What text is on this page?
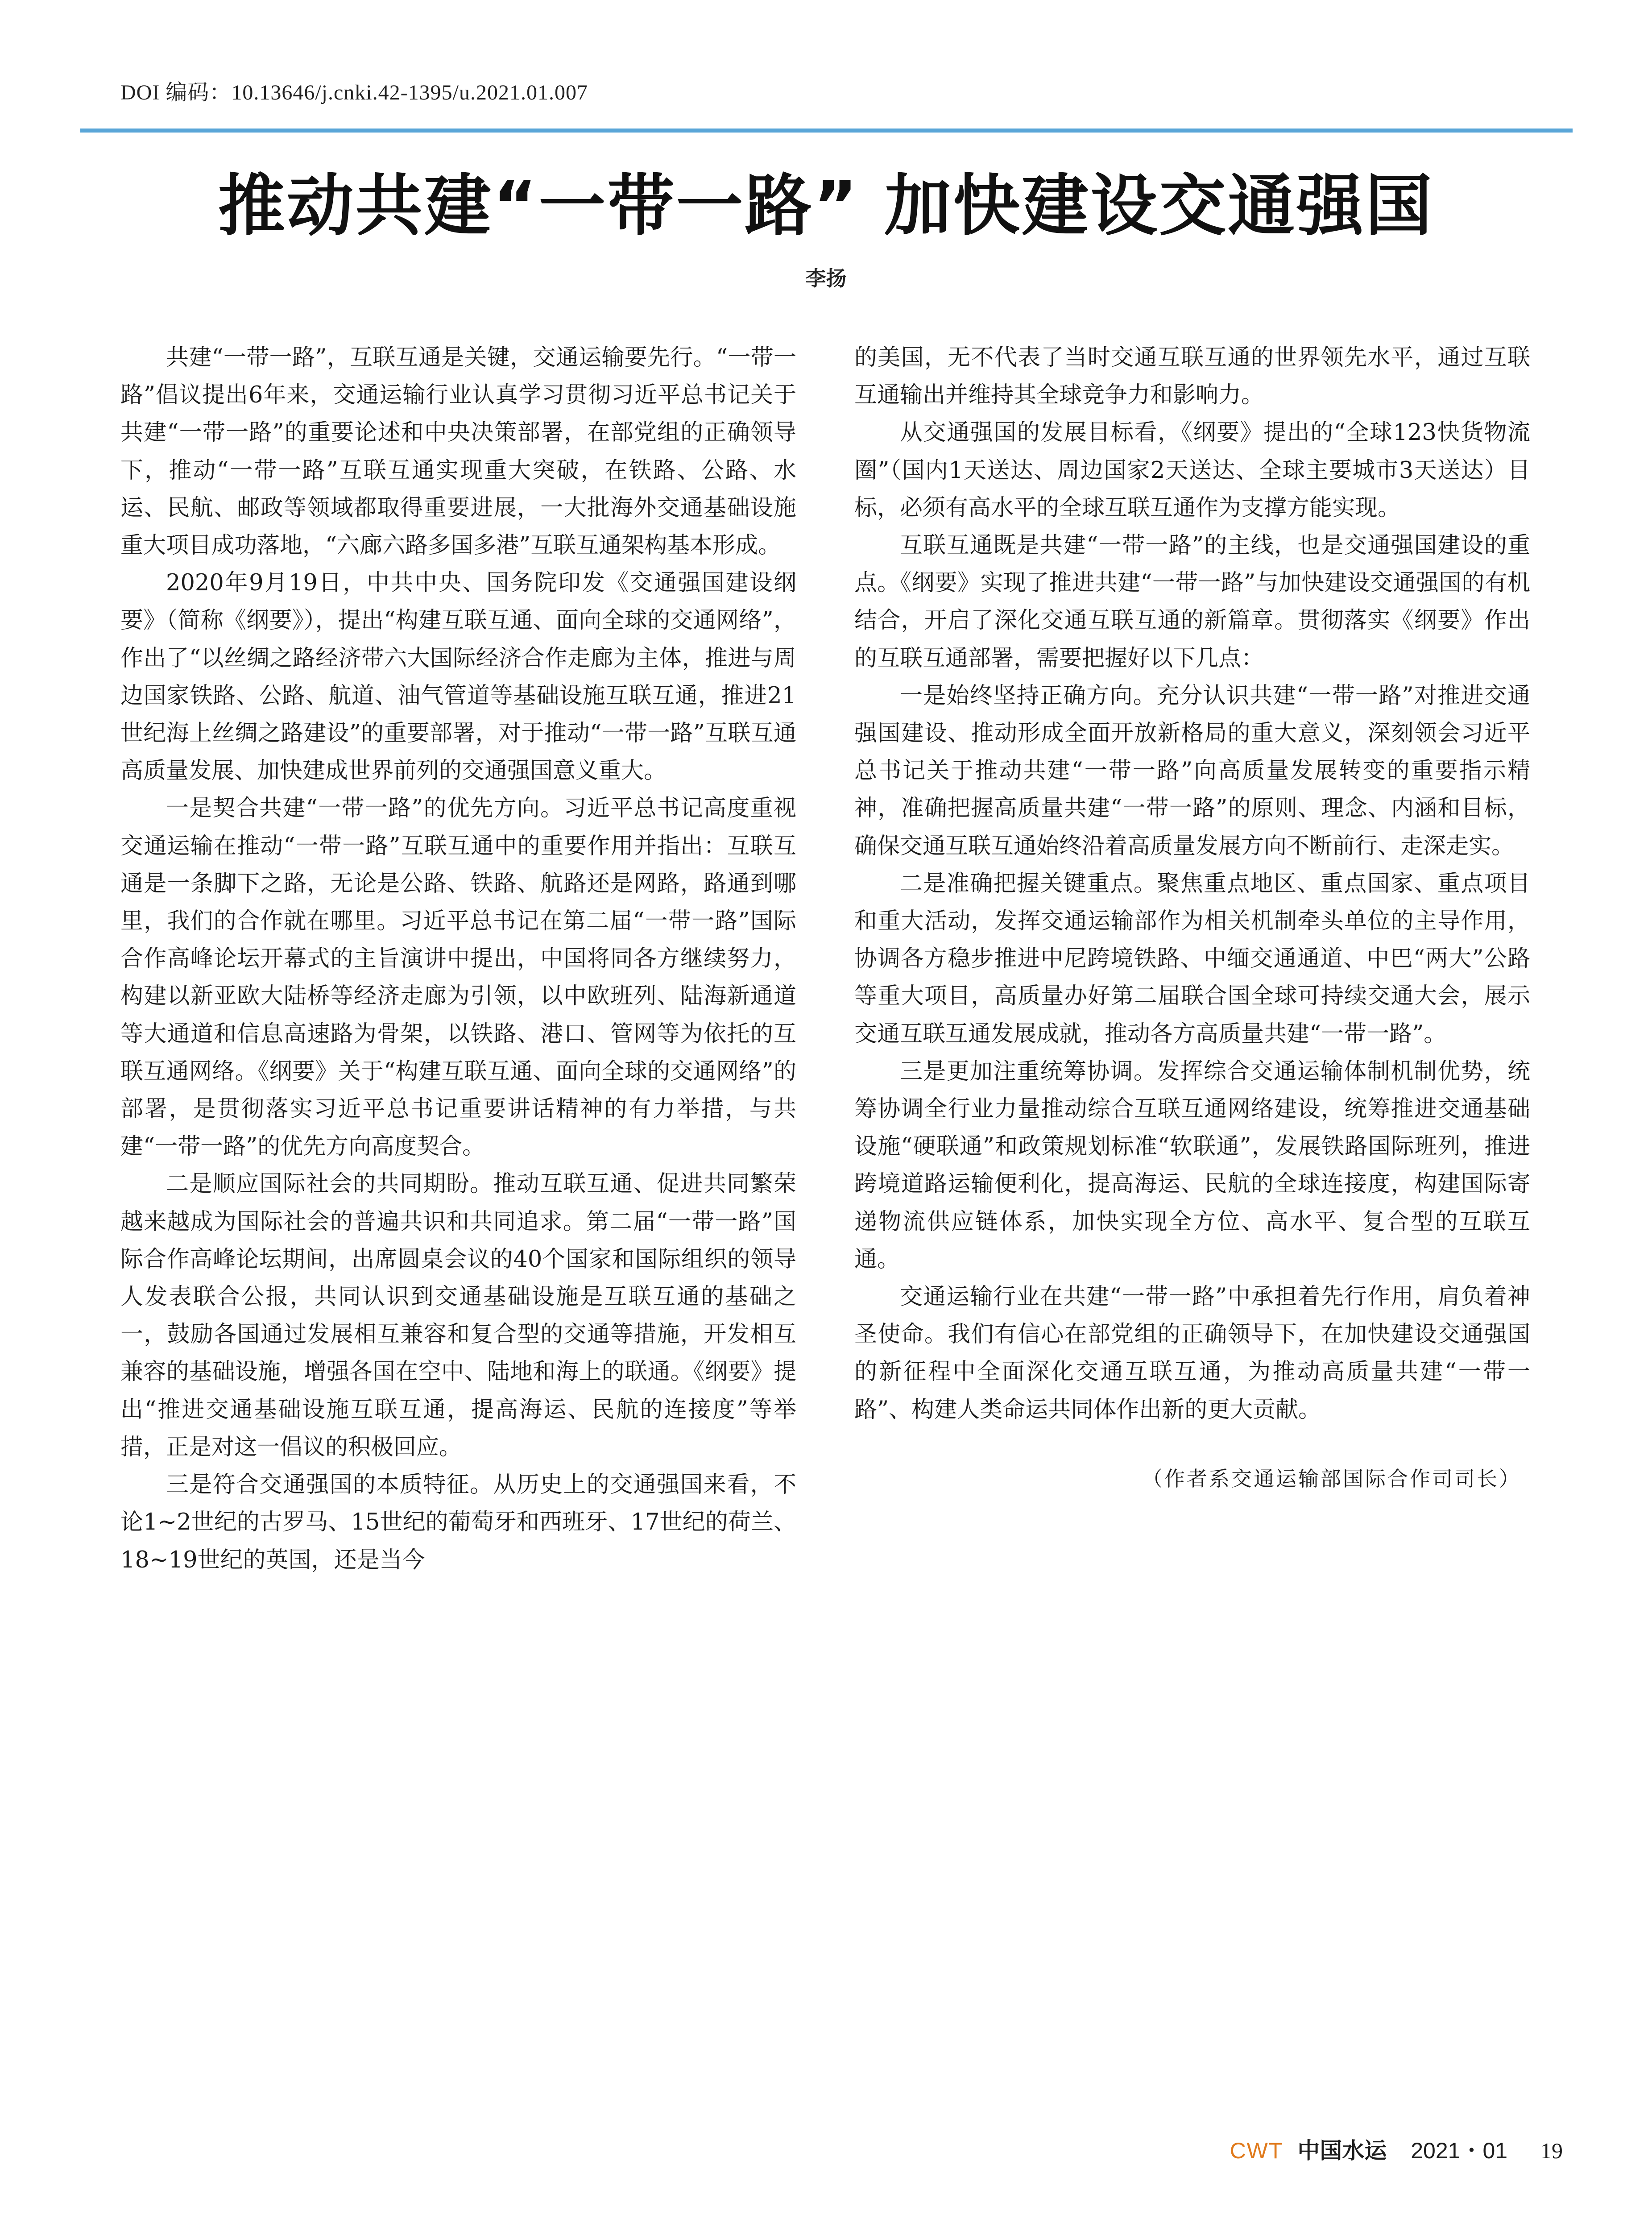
DOI 编码：10.13646/j.cnki.42-1395/u.2021.01.007
推动共建“一带一路” 加快建设交通强国
李扬

共建“一带一路”，互联互通是关键，交通运输要先行。“一带一路”倡议提出6年来，交通运输行业认真学习贯彻习近平总书记关于共建“一带一路”的重要论述和中央决策部署，在部党组的正确领导下，推动“一带一路”互联互通实现重大突破，在铁路、公路、水运、民航、邮政等领域都取得重要进展，一大批海外交通基础设施重大项目成功落地，“六廊六路多国多港”互联互通架构基本形成。

2020年9月19日，中共中央、国务院印发《交通强国建设纲要》（简称《纲要》），提出“构建互联互通、面向全球的交通网络”，作出了“以丝绸之路经济带六大国际经济合作走廊为主体，推进与周边国家铁路、公路、航道、油气管道等基础设施互联互通，推进21世纪海上丝绸之路建设”的重要部署，对于推动“一带一路”互联互通高质量发展、加快建成世界前列的交通强国意义重大。

一是契合共建“一带一路”的优先方向。习近平总书记高度重视交通运输在推动“一带一路”互联互通中的重要作用并指出：互联互通是一条脚下之路，无论是公路、铁路、航路还是网路，路通到哪里，我们的合作就在哪里。习近平总书记在第二届“一带一路”国际合作高峰论坛开幕式的主旨演讲中提出，中国将同各方继续努力， 构建以新亚欧大陆桥等经济走廊为引领，以中欧班列、陆海新通道等大通道和信息高速路为骨架，以铁路、港口、管网等为依托的互联互通网络。《纲要》关于“构建互联互通、面向全球的交通网络”的部署，是贯彻落实习近平总书记重要讲话精神的有力举措，与共建“一带一路”的优先方向高度契合。

二是顺应国际社会的共同期盼。推动互联互通、促进共同繁荣越来越成为国际社会的普遍共识和共同追求。第二届“一带一路”国际合作高峰论坛期间，出席圆桌会议的40个国家和国际组织的领导人发表联合公报，共同认识到交通基础设施是互联互通的基础之一，鼓励各国通过发展相互兼容和复合型的交通等措施，开发相互兼容的基础设施，增强各国在空中、陆地和海上的联通。《纲要》提出“推进交通基础设施互联互通，提高海运、民航的连接度”等举措，正是对这一倡议的积极回应。

三是符合交通强国的本质特征。从历史上的交通强国来看，不论1~2世纪的古罗马、15世纪的葡萄牙和西班牙、17世纪的荷兰、18~19世纪的英国，还是当今

的美国，无不代表了当时交通互联互通的世界领先水平，通过互联互通输出并维持其全球竞争力和影响力。

从交通强国的发展目标看，《纲要》提出的“全球123快货物流圈”（国内1天送达、周边国家2天送达、全球主要城市3天送达）目标，必须有高水平的全球互联互通作为支撑方能实现。

互联互通既是共建“一带一路”的主线，也是交通强国建设的重点。《纲要》实现了推进共建“一带一路”与加快建设交通强国的有机结合，开启了深化交通互联互通的新篇章。贯彻落实《纲要》作出的互联互通部署，需要把握好以下几点：

一是始终坚持正确方向。充分认识共建“一带一路”对推进交通强国建设、推动形成全面开放新格局的重大意义，深刻领会习近平总书记关于推动共建“一带一路”向高质量发展转变的重要指示精神，准确把握高质量共建“一带一路”的原则、理念、内涵和目标，确保交通互联互通始终沿着高质量发展方向不断前行、走深走实。

二是准确把握关键重点。聚焦重点地区、重点国家、重点项目和重大活动，发挥交通运输部作为相关机制牵头单位的主导作用，协调各方稳步推进中尼跨境铁路、中缅交通通道、中巴“两大”公路等重大项目，高质量办好第二届联合国全球可持续交通大会，展示交通互联互通发展成就，推动各方高质量共建“一带一路”。

三是更加注重统筹协调。发挥综合交通运输体制机制优势，统筹协调全行业力量推动综合互联互通网络建设，统筹推进交通基础设施“硬联通”和政策规划标准“软联通”，发展铁路国际班列，推进跨境道路运输便利化，提高海运、民航的全球连接度，构建国际寄递物流供应链体系，加快实现全方位、高水平、复合型的互联互通。

交通运输行业在共建“一带一路”中承担着先行作用，肩负着神圣使命。我们有信心在部党组的正确领导下，在加快建设交通强国的新征程中全面深化交通互联互通，为推动高质量共建“一带一路”、构建人类命运共同体作出新的更大贡献。

（作者系交通运输部国际合作司司长）
CWT 中国水运 2021・01 19
